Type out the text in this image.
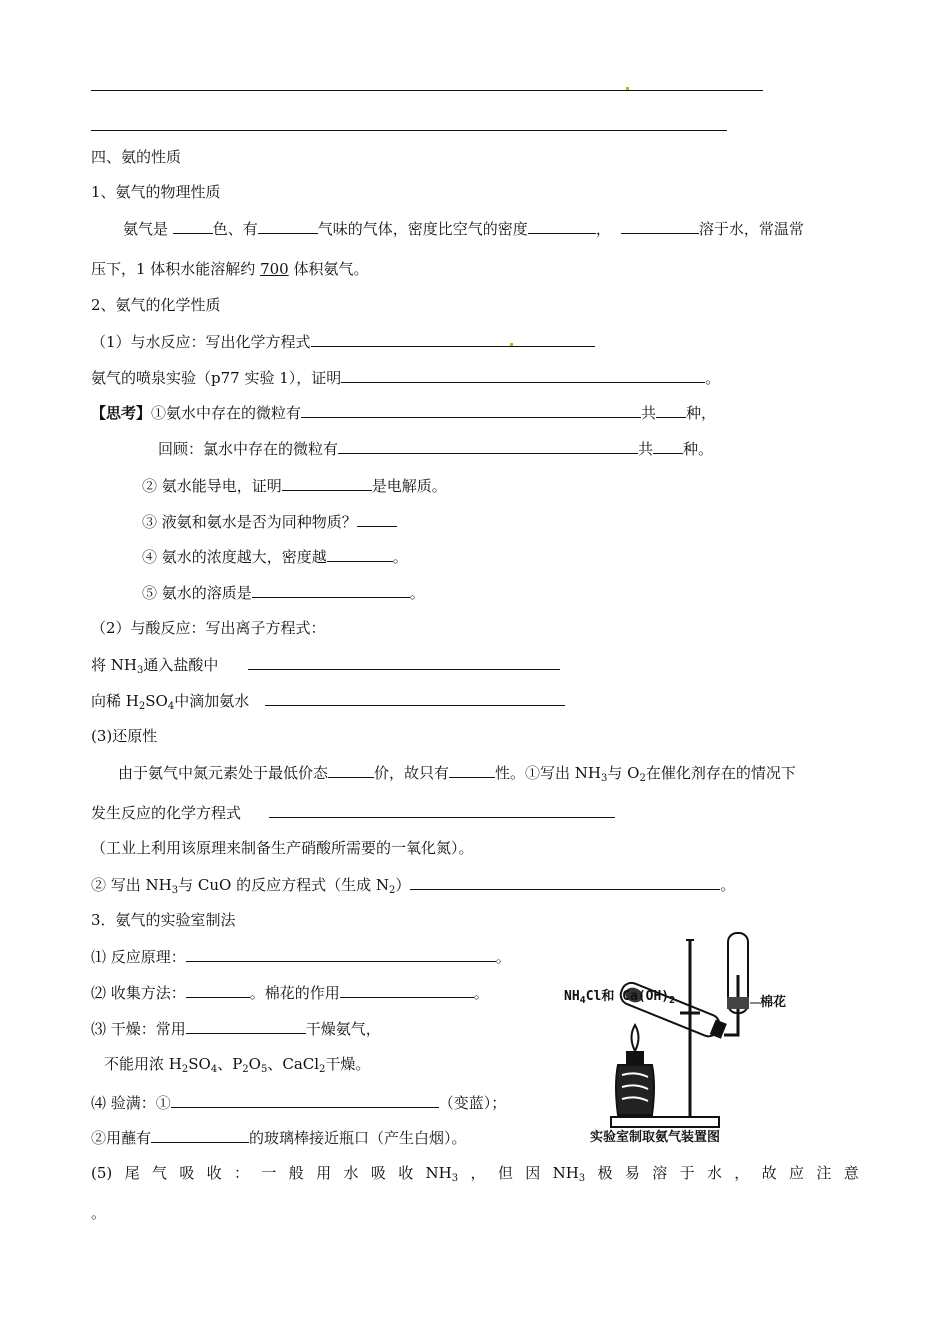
四、氨的性质
1、氨气的物理性质
氨气是	色、有	气味的气体，密度比空气的密度	，	溶于水，常温常
压下，1 体积水能溶解约 700 体积氨气。
2、氨气的化学性质
（1）与水反应：写出化学方程式
氨气的喷泉实验（p77 实验 1），证明	。
【思考】①氨水中存在的微粒有	共 种，
回顾：氯水中存在的微粒有	共 种。
② 氨水能导电，证明	是电解质。
③ 液氨和氨水是否为同种物质？
④ 氨水的浓度越大，密度越	。
⑤ 氨水的溶质是	。
（2）与酸反应：写出离子方程式：
将 $NH_3$通入盐酸中
向稀 $H_2SO_4$中滴加氨水
(3)还原性
由于氨气中氮元素处于最低价态	价，故只有	性。①写出 $NH_3$与 $O_2$在催化剂存在的情况下
发生反应的化学方程式
（工业上利用该原理来制备生产硝酸所需要的一氧化氮）。
② 写出 $NH_3$与 CuO 的反应方程式（生成 $N_2$）	。
3．氨气的实验室制法
⑴ 反应原理：	。
⑵ 收集方法：	。棉花的作用	。
⑶ 干燥：常用	干燥氨气，
不能用浓 $H_2SO_4$、$P_2O_5$、CaCl$_2$干燥。
⑷ 验满：①	（变蓝）；
②用蘸有	的玻璃棒接近瓶口（产生白烟）。
(5) 尾 气 吸 收 ： 一 般 用 水 吸 收 $NH_3$ ， 但 因 $NH_3$ 极 易 溶 于 水 ， 故 应 注 意
。
$NH_4Cl$和 $Ca(OH)_2$	棉花
实验室制取氨气装置图
